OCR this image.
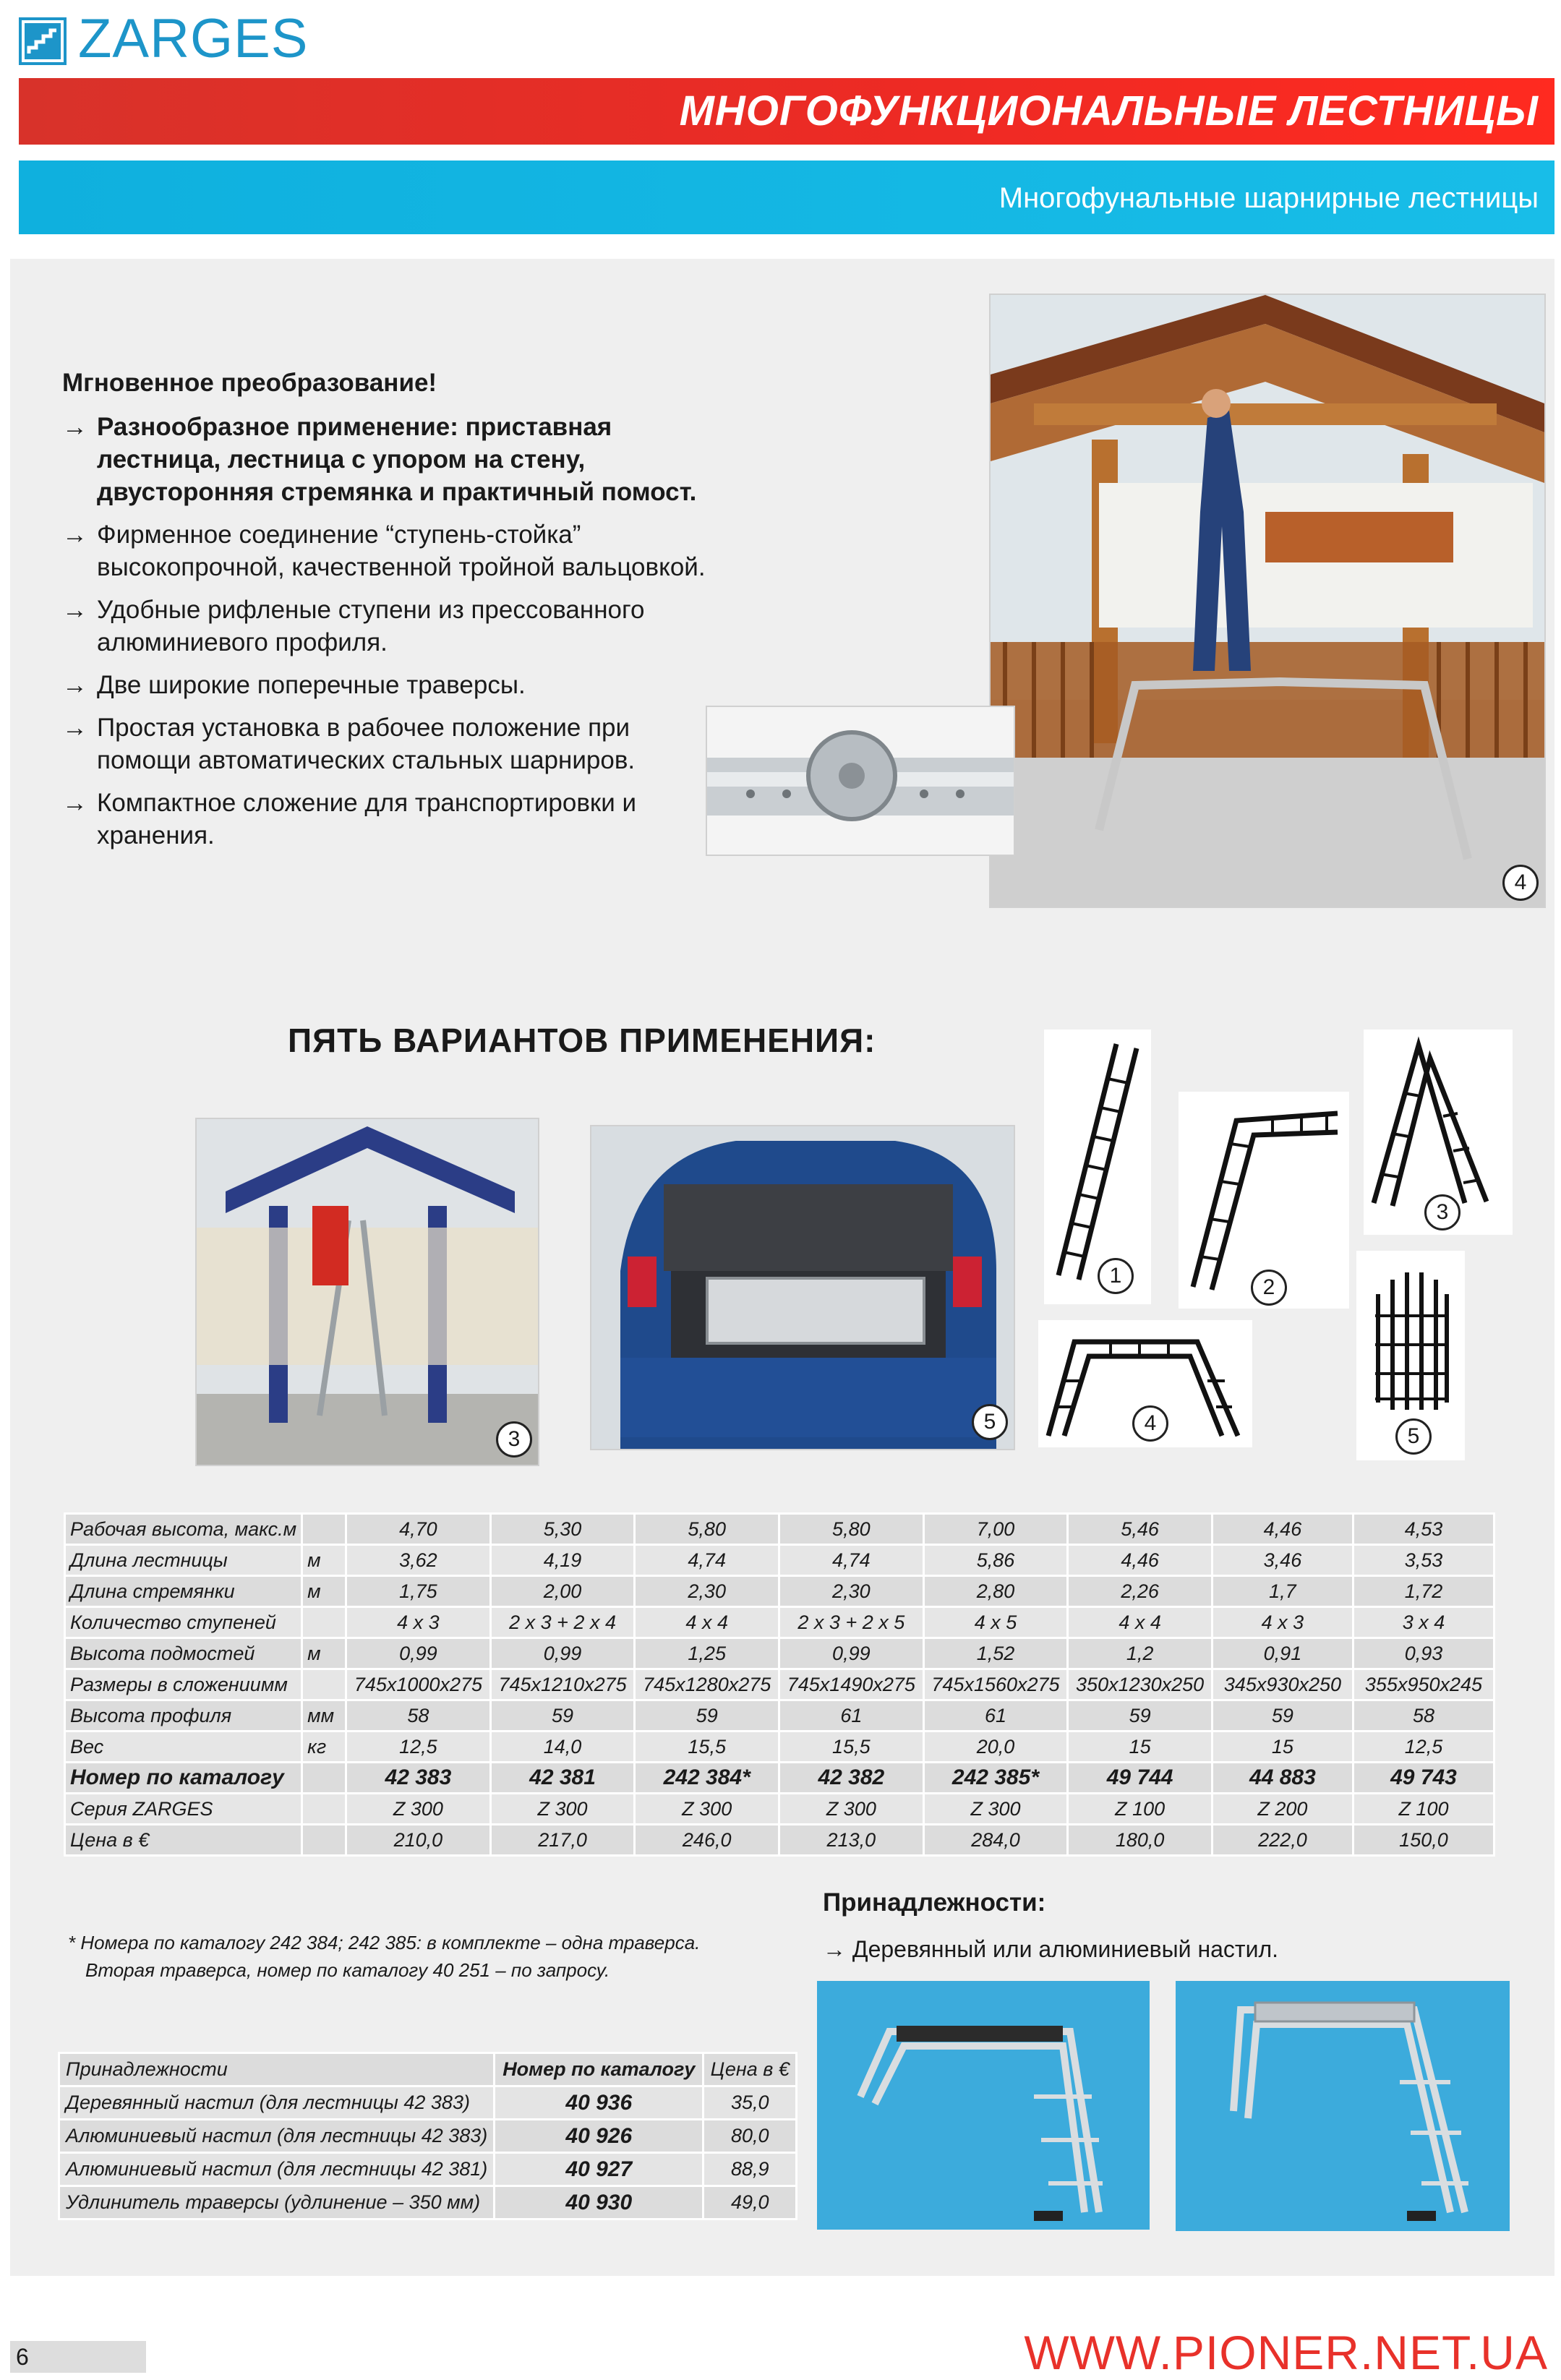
ZARGES
МНОГОФУНКЦИОНАЛЬНЫЕ ЛЕСТНИЦЫ
Многофунальные шарнирные лестницы
Мгновенное преобразование!
→ Разнообразное применение: приставная лестница, лестница с упором на стену, двусторонняя стремянка и практичный помост.
→ Фирменное соединение “ступень-стойка” высокопрочной, качественной тройной вальцовкой.
→ Удобные рифленые ступени из прессованного алюминиевого профиля.
→ Две широкие поперечные траверсы.
→ Простая установка в рабочее положение при помощи автоматических стальных шарниров.
→ Компактное сложение для транспортировки и хранения.
4
ПЯТЬ ВАРИАНТОВ ПРИМЕНЕНИЯ:
3
5
1	2
3
4
5
Рабочая высота, макс.м		4,70	5,30	5,80	5,80	7,00	5,46	4,46	4,53
Длина лестницы	м	3,62	4,19	4,74	4,74	5,86	4,46	3,46	3,53
Длина стремянки	м	1,75	2,00	2,30	2,30	2,80	2,26	1,7	1,72
Количество ступеней		4 x 3	2 x 3 + 2 x 4	4 x 4	2 x 3 + 2 x 5	4 x 5	4 x 4	4 x 3	3 x 4
Высота подмостей	м	0,99	0,99	1,25	0,99	1,52	1,2	0,91	0,93
Размеры в сложениимм		745x1000x275	745x1210x275	745x1280x275	745x1490x275	745x1560x275	350x1230x250	345x930x250	355x950x245
Высота профиля	мм	58	59	59	61	61	59	59	58
Вес	кг	12,5	14,0	15,5	15,5	20,0	15	15	12,5
Номер по каталогу		42 383	42 381	242 384*	42 382	242 385*	49 744	44 883	49 743
Серия ZARGES		Z 300	Z 300	Z 300	Z 300	Z 300	Z 100	Z 200	Z 100
Цена в €		210,0	217,0	246,0	213,0	284,0	180,0	222,0	150,0
* Номера по каталогу 242 384; 242 385: в комплекте – одна траверса.
Вторая траверса, номер по каталогу 40 251 – по запросу.
Принадлежности:
→ Деревянный или алюминиевый настил.
Принадлежности	Номер по каталогу	Цена в €
Деревянный настил (для лестницы 42 383)	40 936	35,0
Алюминиевый настил (для лестницы 42 383)	40 926	80,0
Алюминиевый настил (для лестницы 42 381)	40 927	88,9
Удлинитель траверсы (удлинение – 350 мм)	40 930	49,0
6	WWW.PIONER.NET.UA
